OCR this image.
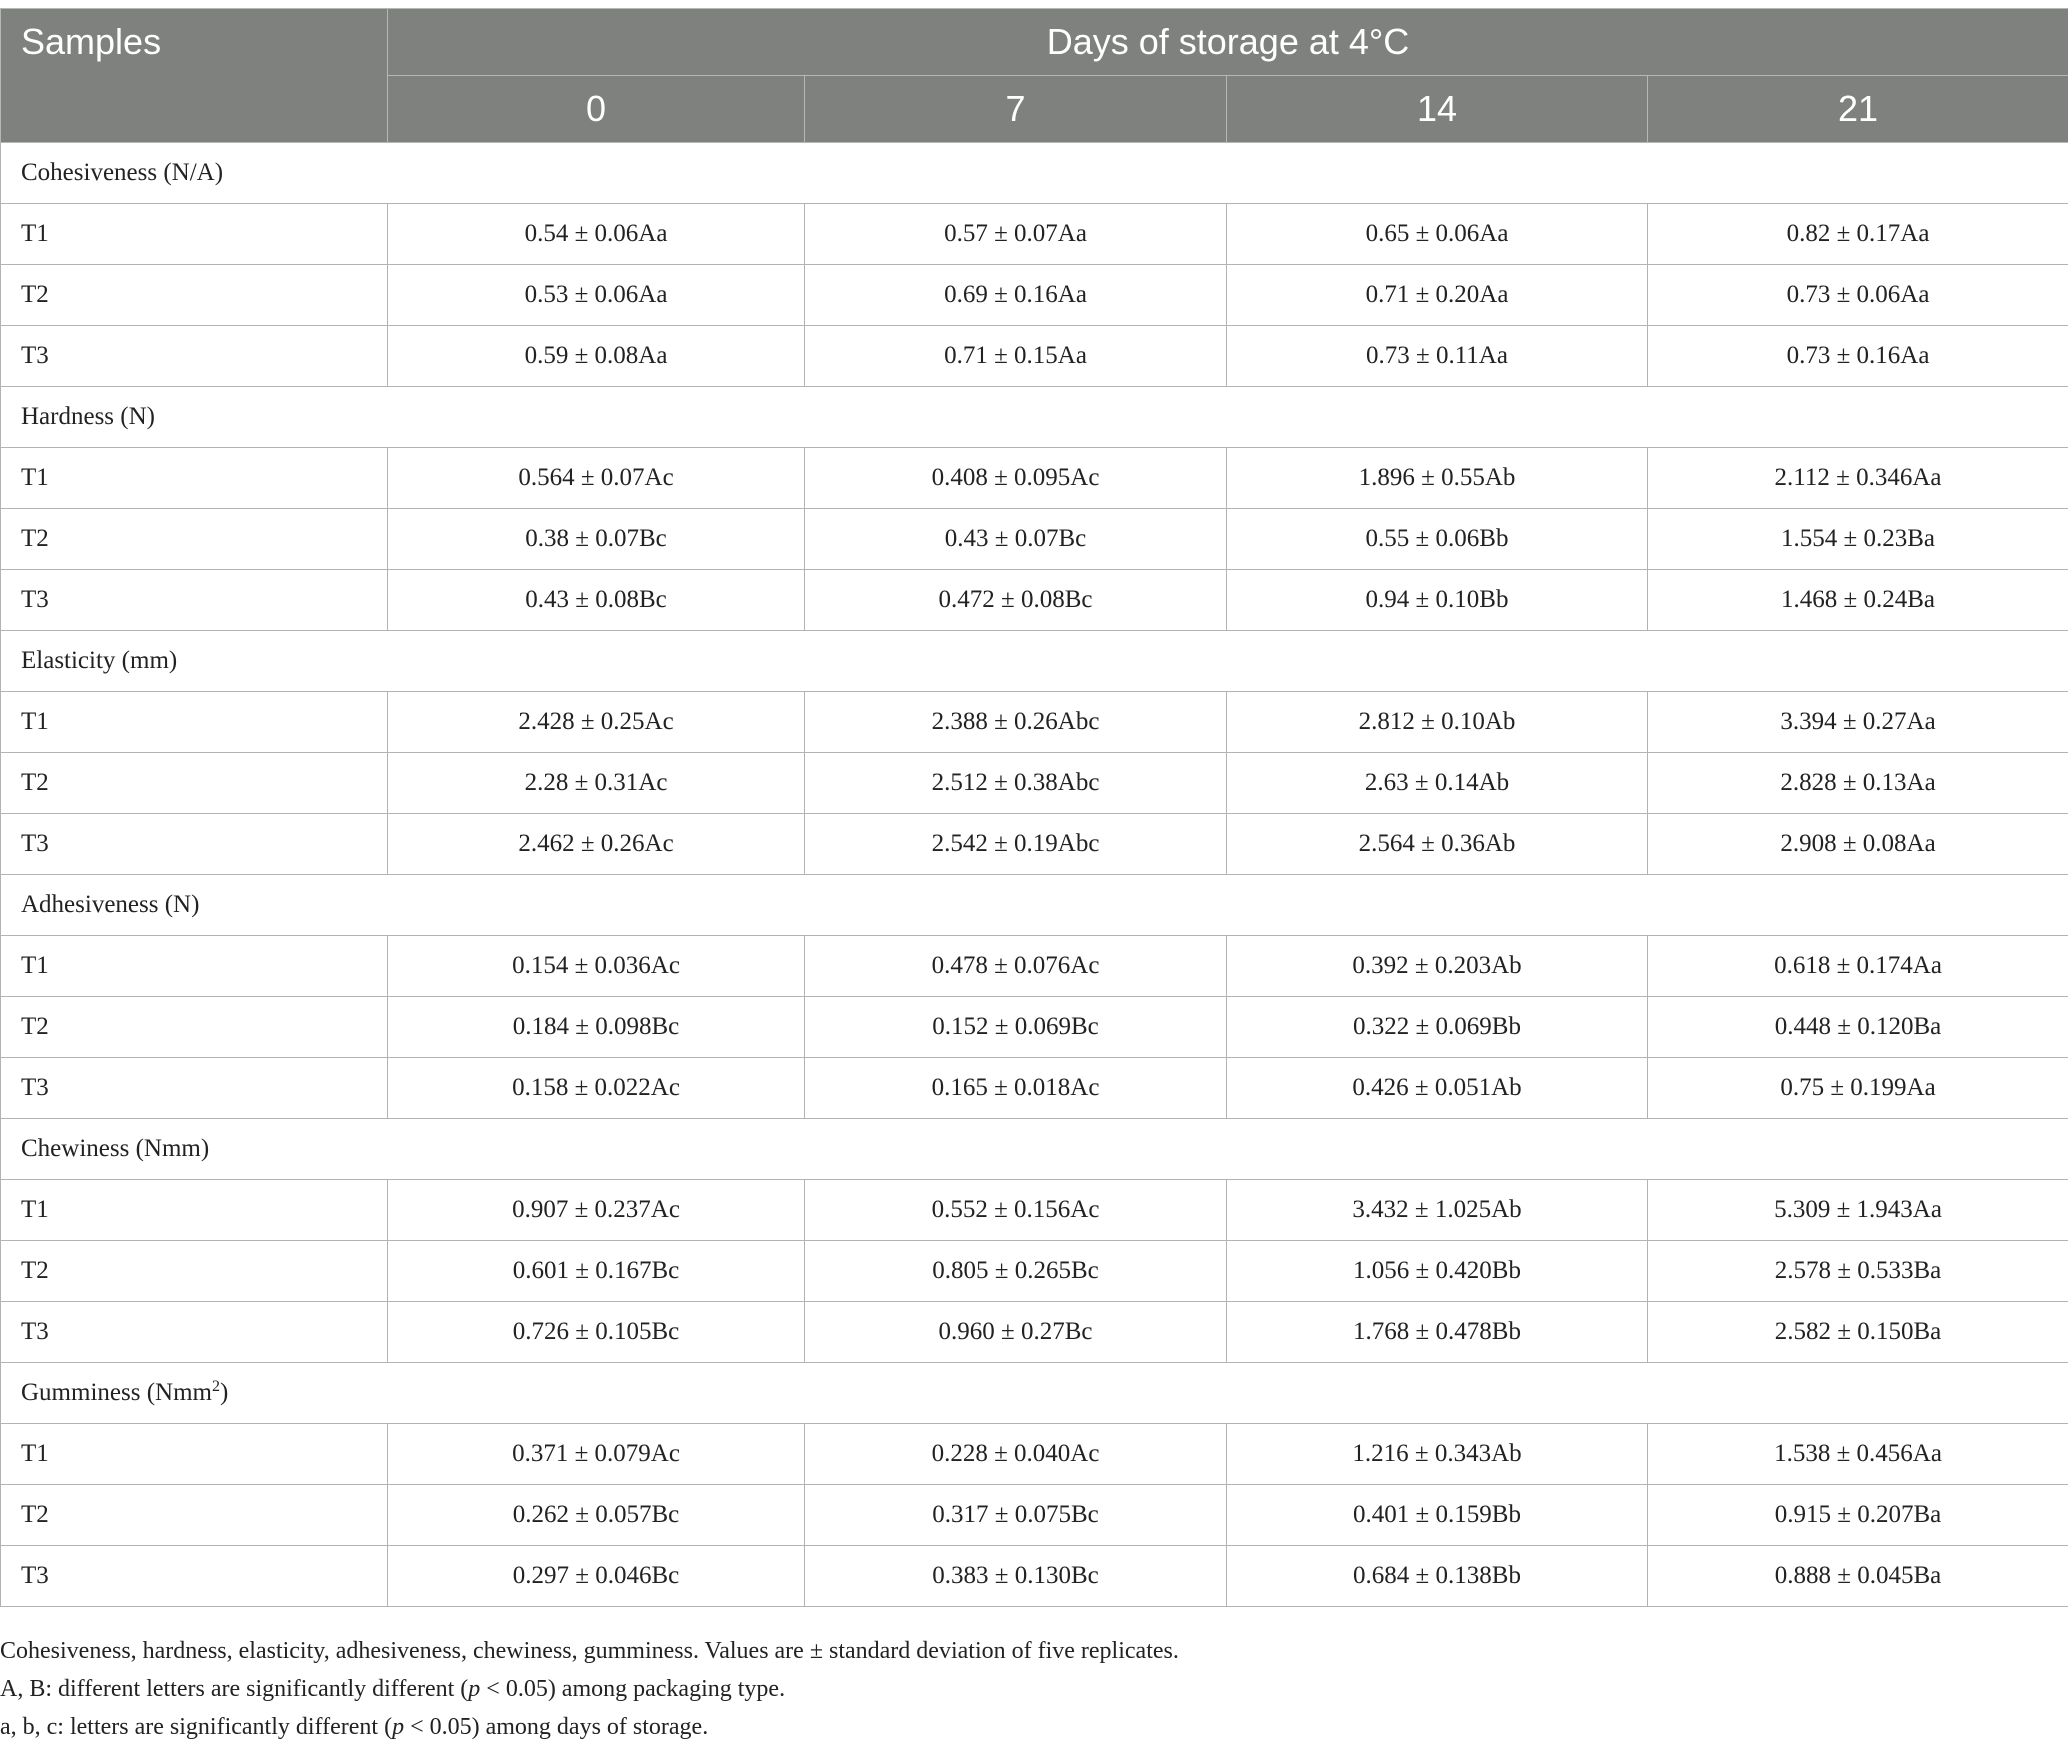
Samples	Days of storage at 4°C			
	0	7	14	21
Cohesiveness (N/A)				
T1	0.54 ± 0.06Aa	0.57 ± 0.07Aa	0.65 ± 0.06Aa	0.82 ± 0.17Aa
T2	0.53 ± 0.06Aa	0.69 ± 0.16Aa	0.71 ± 0.20Aa	0.73 ± 0.06Aa
T3	0.59 ± 0.08Aa	0.71 ± 0.15Aa	0.73 ± 0.11Aa	0.73 ± 0.16Aa
Hardness (N)				
T1	0.564 ± 0.07Ac	0.408 ± 0.095Ac	1.896 ± 0.55Ab	2.112 ± 0.346Aa
T2	0.38 ± 0.07Bc	0.43 ± 0.07Bc	0.55 ± 0.06Bb	1.554 ± 0.23Ba
T3	0.43 ± 0.08Bc	0.472 ± 0.08Bc	0.94 ± 0.10Bb	1.468 ± 0.24Ba
Elasticity (mm)				
T1	2.428 ± 0.25Ac	2.388 ± 0.26Abc	2.812 ± 0.10Ab	3.394 ± 0.27Aa
T2	2.28 ± 0.31Ac	2.512 ± 0.38Abc	2.63 ± 0.14Ab	2.828 ± 0.13Aa
T3	2.462 ± 0.26Ac	2.542 ± 0.19Abc	2.564 ± 0.36Ab	2.908 ± 0.08Aa
Adhesiveness (N)				
T1	0.154 ± 0.036Ac	0.478 ± 0.076Ac	0.392 ± 0.203Ab	0.618 ± 0.174Aa
T2	0.184 ± 0.098Bc	0.152 ± 0.069Bc	0.322 ± 0.069Bb	0.448 ± 0.120Ba
T3	0.158 ± 0.022Ac	0.165 ± 0.018Ac	0.426 ± 0.051Ab	0.75 ± 0.199Aa
Chewiness (Nmm)				
T1	0.907 ± 0.237Ac	0.552 ± 0.156Ac	3.432 ± 1.025Ab	5.309 ± 1.943Aa
T2	0.601 ± 0.167Bc	0.805 ± 0.265Bc	1.056 ± 0.420Bb	2.578 ± 0.533Ba
T3	0.726 ± 0.105Bc	0.960 ± 0.27Bc	1.768 ± 0.478Bb	2.582 ± 0.150Ba
Gumminess (Nmm$^2$)				
T1	0.371 ± 0.079Ac	0.228 ± 0.040Ac	1.216 ± 0.343Ab	1.538 ± 0.456Aa
T2	0.262 ± 0.057Bc	0.317 ± 0.075Bc	0.401 ± 0.159Bb	0.915 ± 0.207Ba
T3	0.297 ± 0.046Bc	0.383 ± 0.130Bc	0.684 ± 0.138Bb	0.888 ± 0.045Ba

Cohesiveness, hardness, elasticity, adhesiveness, chewiness, gumminess. Values are ± standard deviation of five replicates.

A, B: different letters are significantly different (p < 0.05) among packaging type.

a, b, c: letters are significantly different (p < 0.05) among days of storage.
